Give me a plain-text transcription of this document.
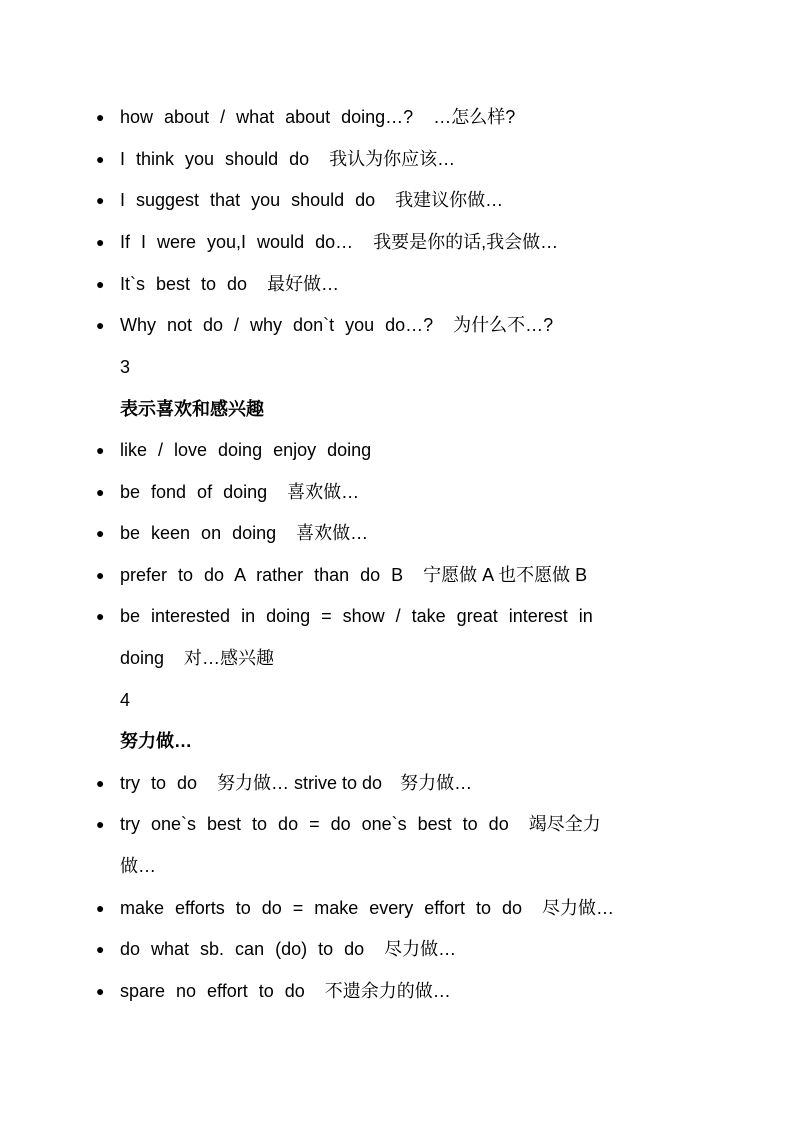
● how about / what about doing…? …怎么样?
● I think you should do 我认为你应该…
● I suggest that you should do 我建议你做…
● If I were you,I would do… 我要是你的话,我会做…
● It`s best to do 最好做…
● Why not do / why don`t you do…? 为什么不…?
3
表示喜欢和感兴趣
● like / love doing enjoy doing
● be fond of doing 喜欢做…
● be keen on doing 喜欢做…
● prefer to do A rather than do B 宁愿做 A 也不愿做 B
● be interested in doing = show / take great interest in
doing 对…感兴趣
4
努力做…
● try to do 努力做… strive to do　努力做…
● try one`s best to do = do one`s best to do 竭尽全力
做…
● make efforts to do = make every effort to do 尽力做…
● do what sb. can (do) to do 尽力做…
● spare no effort to do 不遗余力的做…
